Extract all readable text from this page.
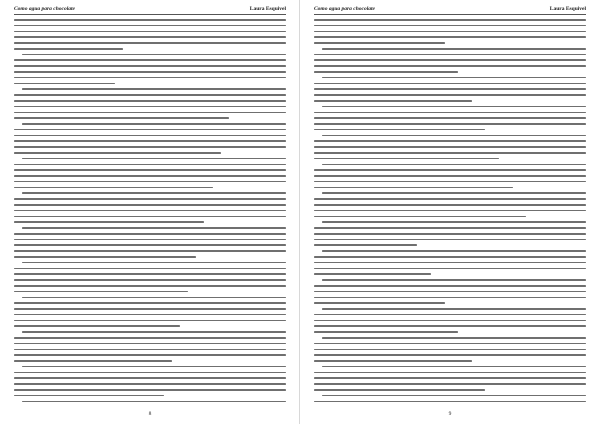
Como agua para chocolate	Laura Esquivel
8
Como agua para chocolate	Laura Esquivel
9
